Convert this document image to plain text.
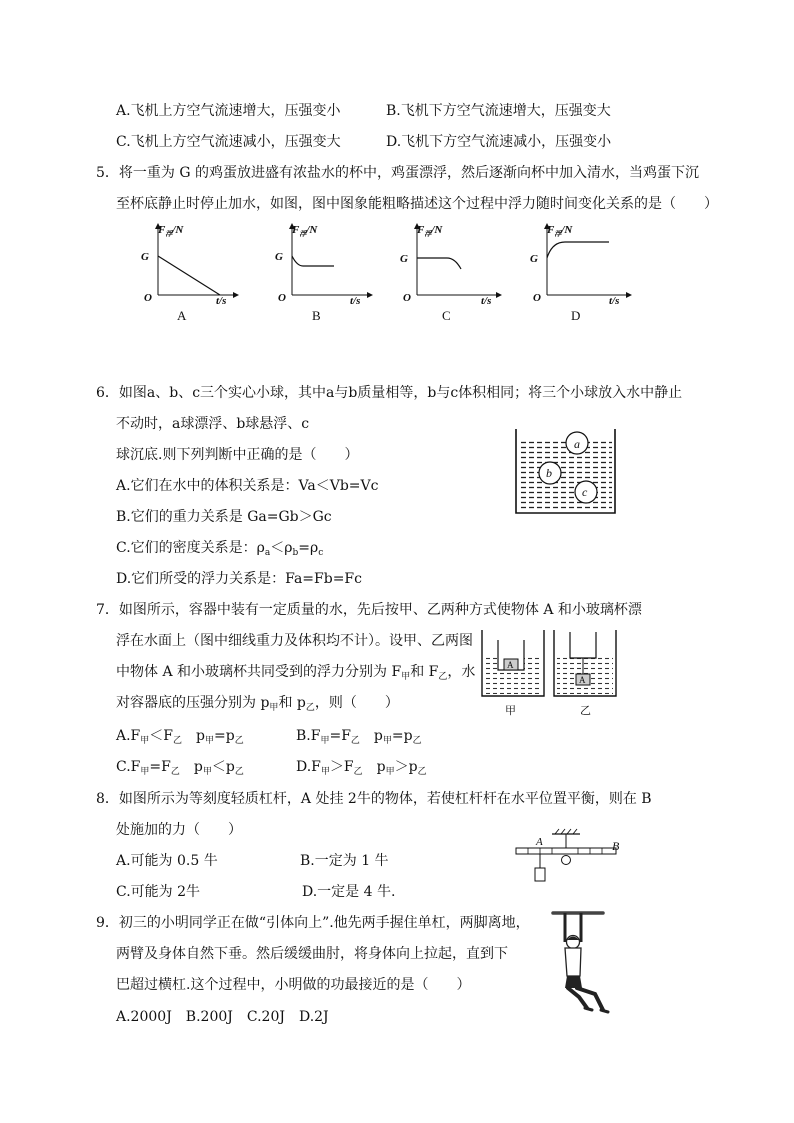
A.飞机上方空气流速增大，压强变小	B.飞机下方空气流速增大，压强变大
C.飞机上方空气流速减小，压强变大	D.飞机下方空气流速减小，压强变小
5．将一重为 G 的鸡蛋放进盛有浓盐水的杯中，鸡蛋漂浮，然后逐渐向杯中加入清水，当鸡蛋下沉
至杯底静止时停止加水，如图，图中图象能粗略描述这个过程中浮力随时间变化关系的是（　　）
$F_浮/N$
G
O	t/s
A
$F_浮/N$
G
O	t/s
B
$F_浮/N$
G
O	t/s
C
$F_浮/N$
G
O	t/s
D
6．如图a、b、c三个实心小球，其中a与b质量相等，b与c体积相同；将三个小球放入水中静止
不动时，a球漂浮、b球悬浮、c
球沉底.则下列判断中正确的是（　　）
A.它们在水中的体积关系是：Va＜Vb=Vc
B.它们的重力关系是 Ga=Gb＞Gc
C.它们的密度关系是：$\rho_a<\rho_b=\rho_c$
D.它们所受的浮力关系是：Fa=Fb=Fc
a
b
c
7．如图所示，容器中装有一定质量的水，先后按甲、乙两种方式使物体 A 和小玻璃杯漂
浮在水面上（图中细线重力及体积均不计）。设甲、乙两图
中物体 A 和小玻璃杯共同受到的浮力分别为 $F_甲$和 $F_乙$，水
对容器底的压强分别为 $p_甲$和 $p_乙$，则（　　）
$A.F_甲<F_乙$　$p_甲=p_乙$	$B.F_甲=F_乙$　$p_甲=p_乙$
$C.F_甲=F_乙$　$p_甲<p_乙$	$D.F_甲>F_乙$　$p_甲>p_乙$
A
甲
A
乙
8．如图所示为等刻度轻质杠杆，A 处挂 2牛的物体，若使杠杆杆在水平位置平衡，则在 B
处施加的力（　　）
A.可能为 0.5 牛	B.一定为 1 牛
C.可能为 2牛	D.一定是 4 牛.
A	B
9．初三的小明同学正在做“引体向上”.他先两手握住单杠，两脚离地，
两臂及身体自然下垂。然后缓缓曲肘，将身体向上拉起，直到下
巴超过横杠.这个过程中，小明做的功最接近的是（　　）
A.2000J　B.200J　C.20J　D.2J
